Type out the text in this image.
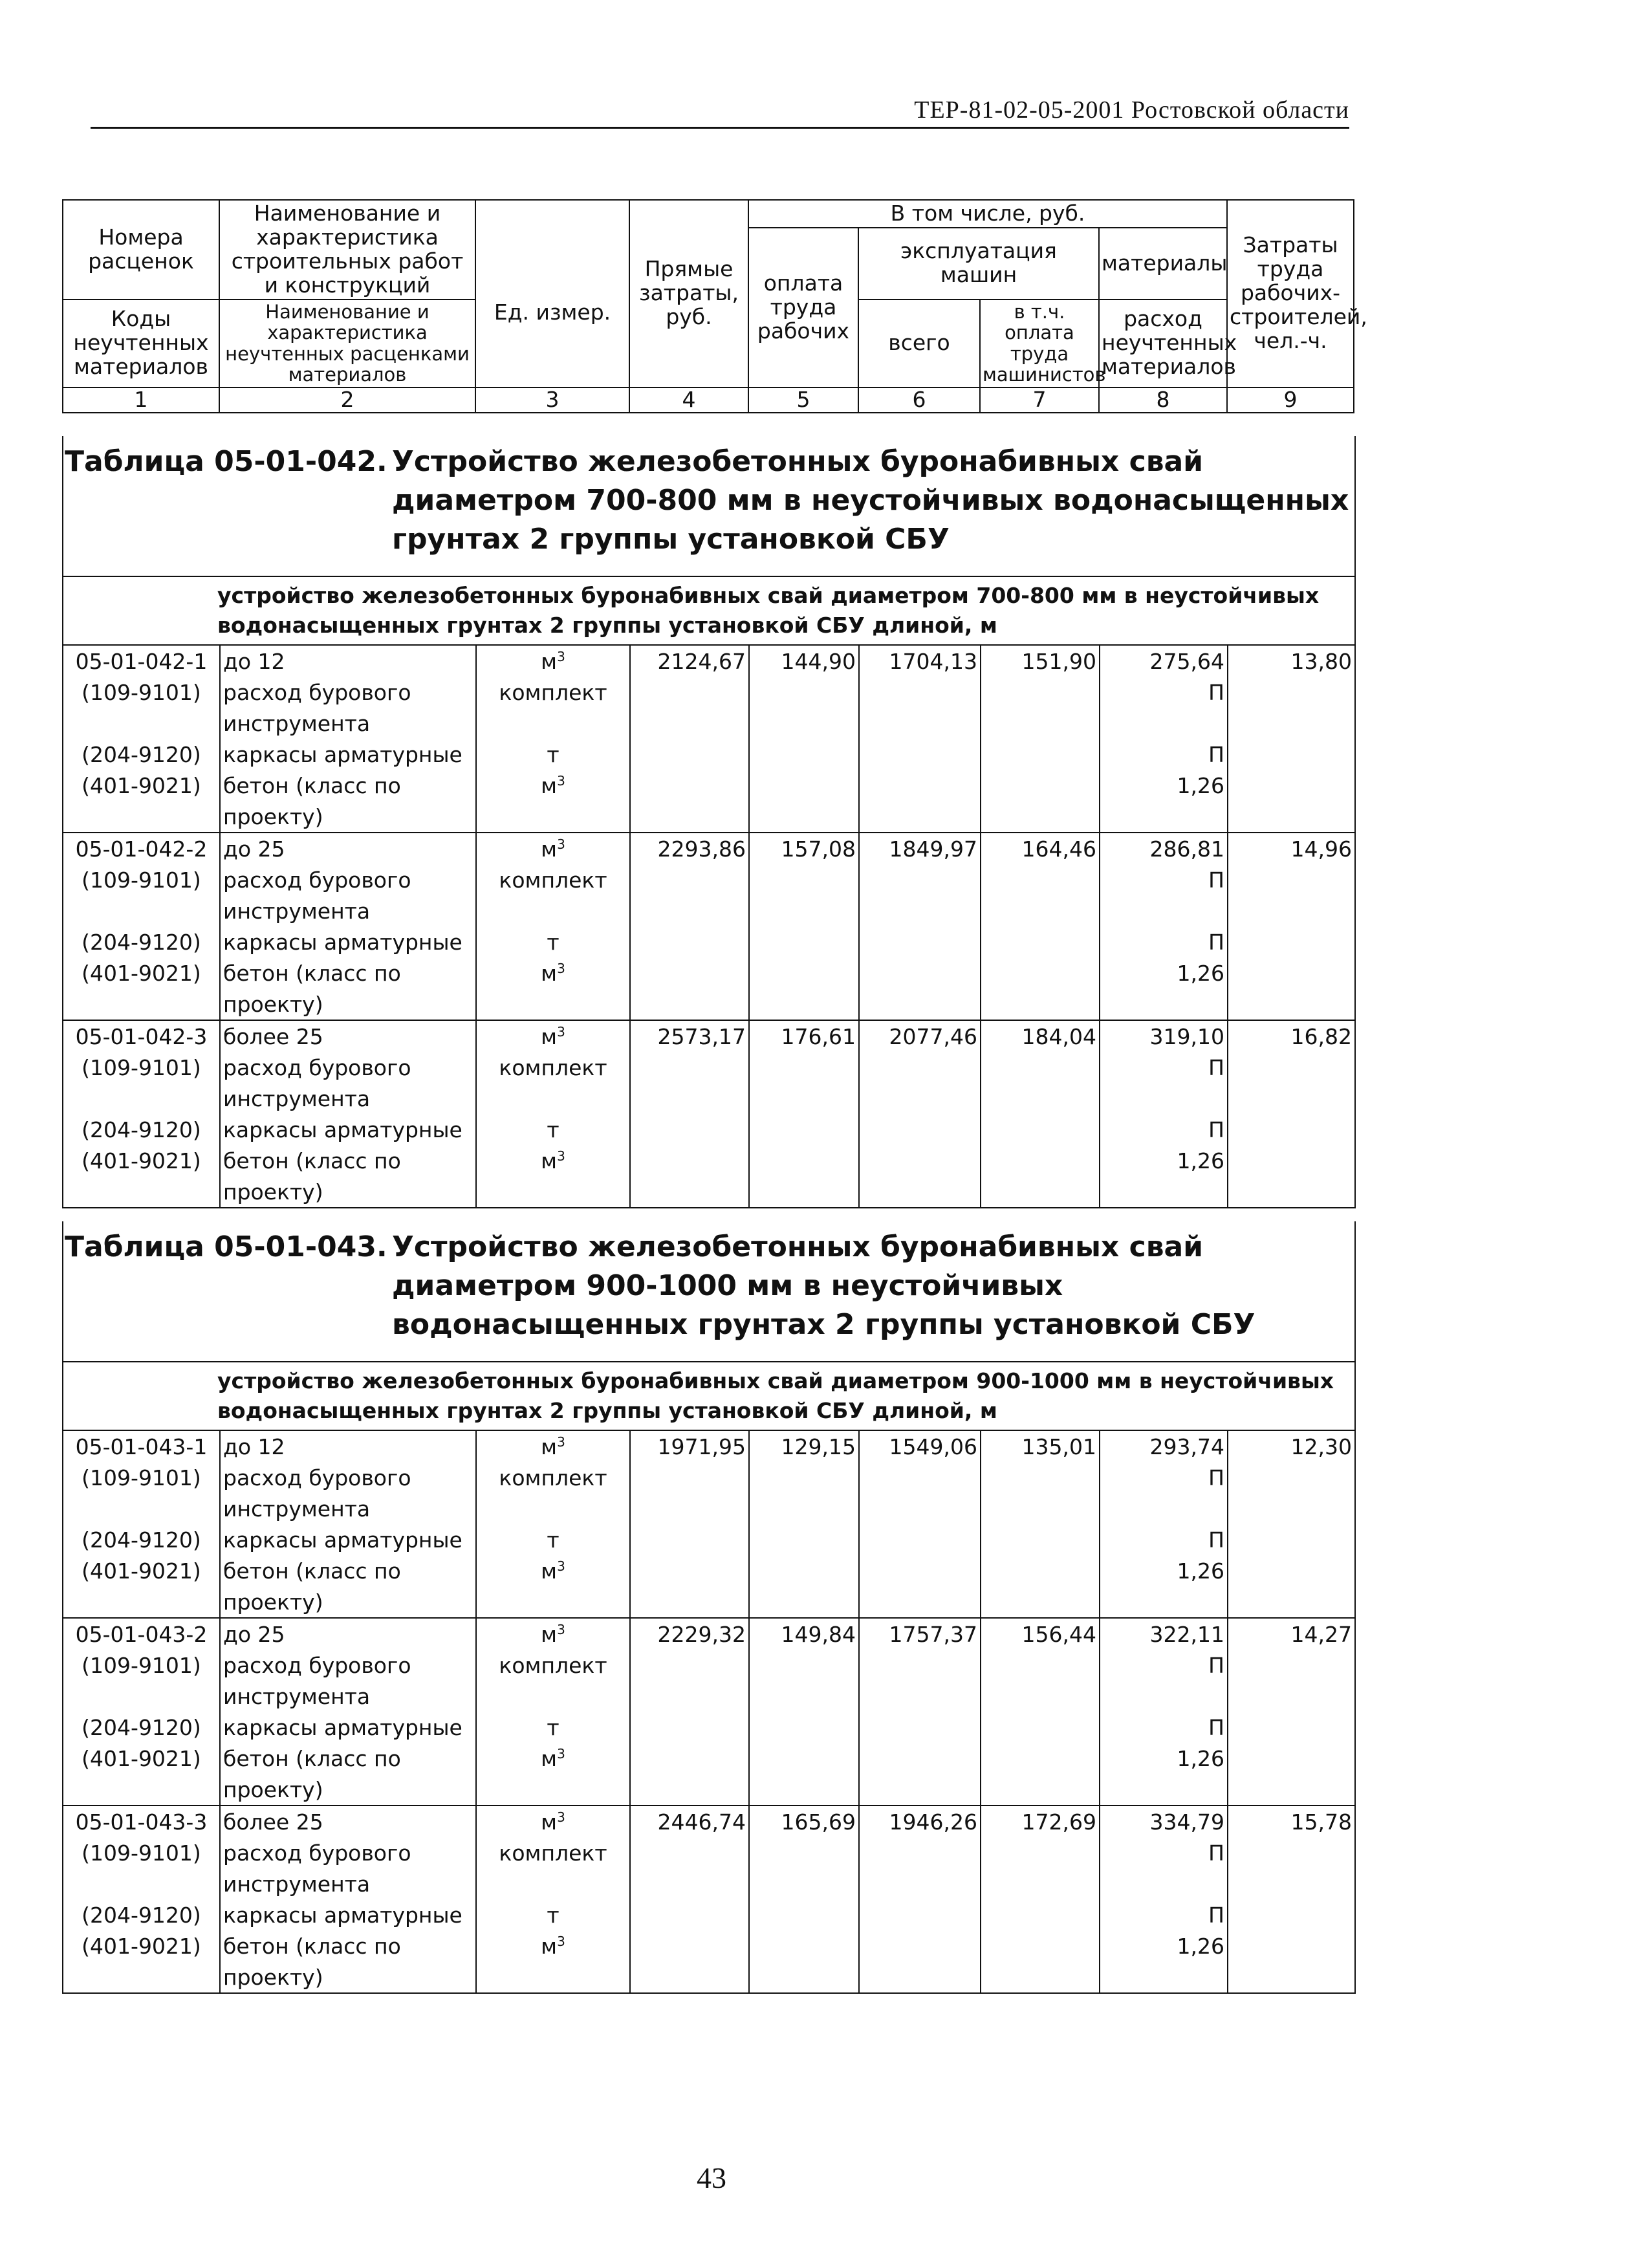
ТЕР-81-02-05-2001 Ростовской области
Номера расценок	Наименование и характеристика строительных работ и конструкций	Ед. измер.	Прямые затраты, руб.	В том числе, руб.				Затраты труда рабочих-строителей, чел.-ч.
				оплата труда рабочих	эксплуатация машин		материалы	

Коды неучтенных материалов	Наименование и характеристика неучтенных расценками материалов				всего	в т.ч. оплата труда машинистов	расход неучтенных материалов	

1	2	3	4	5	6	7	8	9
Таблица 05-01-042. Устройство железобетонных буронабивных свай диаметром 700-800 мм в неустойчивых водонасыщенных грунтах 2 группы установкой СБУ
устройство железобетонных буронабивных свай диаметром 700-800 мм в неустойчивых водонасыщенных грунтах 2 группы установкой СБУ длиной, м
05-01-042-1	до 12	$м^3$	2124,67	144,90	1704,13	151,90	275,64	13,80
(109-9101)	расход бурового	комплект					П	
	инструмента							
(204-9120)	каркасы арматурные	т					П	
(401-9021)	бетон (класс по	$м^3$					1,26	
	проекту)							
05-01-042-2	до 25	$м^3$	2293,86	157,08	1849,97	164,46	286,81	14,96
(109-9101)	расход бурового	комплект					П	
	инструмента							
(204-9120)	каркасы арматурные	т					П	
(401-9021)	бетон (класс по	$м^3$					1,26	
	проекту)							
05-01-042-3	более 25	$м^3$	2573,17	176,61	2077,46	184,04	319,10	16,82
(109-9101)	расход бурового	комплект					П	
	инструмента							
(204-9120)	каркасы арматурные	т					П	
(401-9021)	бетон (класс по	$м^3$					1,26	
	проекту)							
Таблица 05-01-043. Устройство железобетонных буронабивных свай диаметром 900-1000 мм в неустойчивых водонасыщенных грунтах 2 группы установкой СБУ
устройство железобетонных буронабивных свай диаметром 900-1000 мм в неустойчивых водонасыщенных грунтах 2 группы установкой СБУ длиной, м
05-01-043-1	до 12	$м^3$	1971,95	129,15	1549,06	135,01	293,74	12,30
(109-9101)	расход бурового	комплект					П	
	инструмента							
(204-9120)	каркасы арматурные	т					П	
(401-9021)	бетон (класс по	$м^3$					1,26	
	проекту)							
05-01-043-2	до 25	$м^3$	2229,32	149,84	1757,37	156,44	322,11	14,27
(109-9101)	расход бурового	комплект					П	
	инструмента							
(204-9120)	каркасы арматурные	т					П	
(401-9021)	бетон (класс по	$м^3$					1,26	
	проекту)							
05-01-043-3	более 25	$м^3$	2446,74	165,69	1946,26	172,69	334,79	15,78
(109-9101)	расход бурового	комплект					П	
	инструмента							
(204-9120)	каркасы арматурные	т					П	
(401-9021)	бетон (класс по	$м^3$					1,26	
	проекту)							
43
